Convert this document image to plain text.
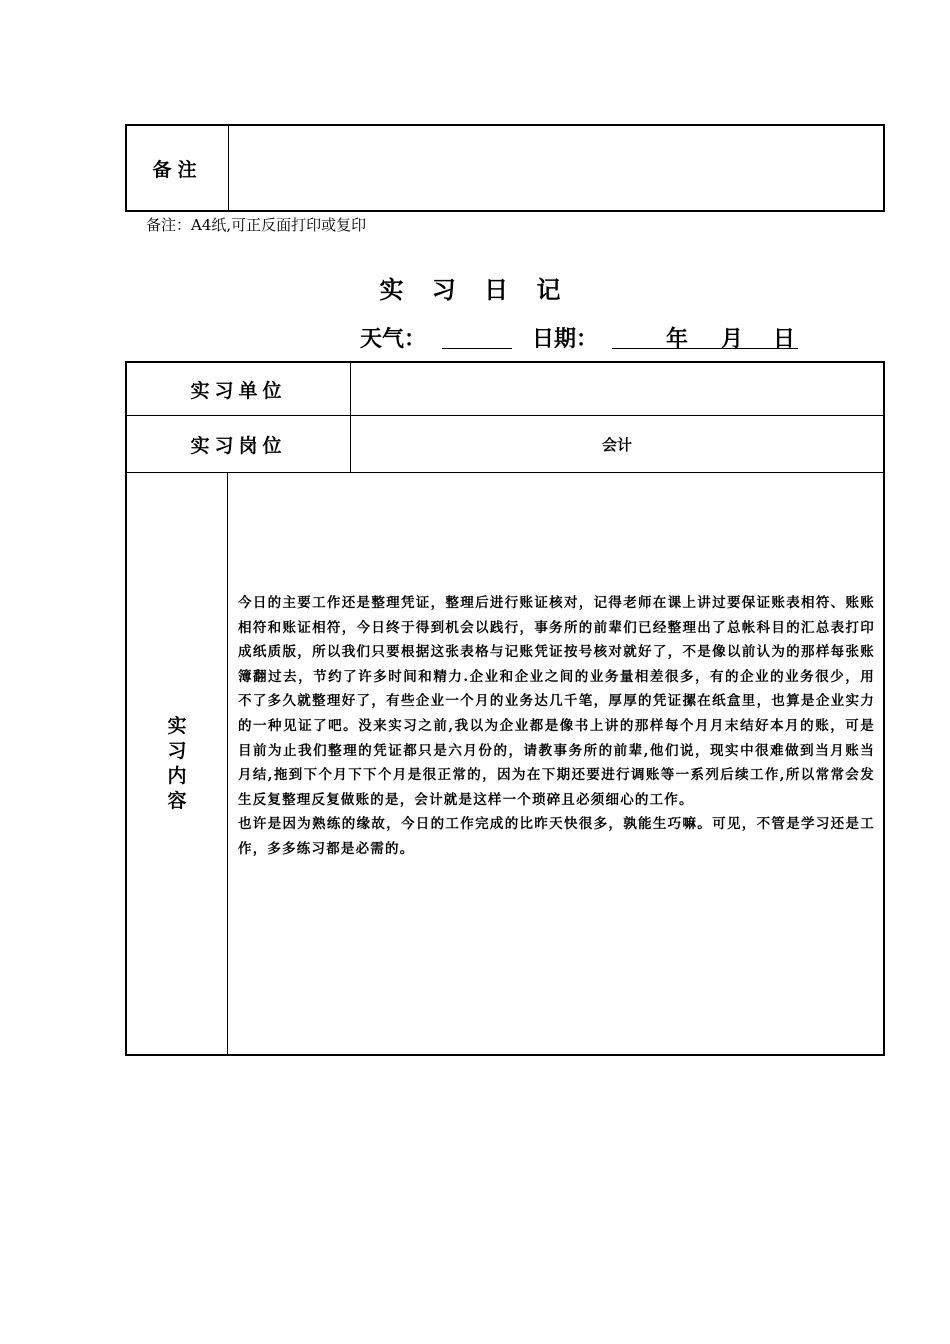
备注
备注：A4纸,可正反面打印或复印
实 习 日 记
天气：	日期：	年 月 日
实习单位
实习岗位	会计
实习内容

今日的主要工作还是整理凭证，整理后进行账证核对，记得老师在课上讲过要保证账表相符、账账相符和账证相符，今日终于得到机会以践行，事务所的前辈们已经整理出了总帐科目的汇总表打印成纸质版，所以我们只要根据这张表格与记账凭证按号核对就好了，不是像以前认为的那样每张账簿翻过去，节约了许多时间和精力.企业和企业之间的业务量相差很多，有的企业的业务很少，用不了多久就整理好了，有些企业一个月的业务达几千笔，厚厚的凭证摞在纸盒里，也算是企业实力的一种见证了吧。没来实习之前,我以为企业都是像书上讲的那样每个月月末结好本月的账，可是目前为止我们整理的凭证都只是六月份的，请教事务所的前辈,他们说，现实中很难做到当月账当月结,拖到下个月下下个月是很正常的，因为在下期还要进行调账等一系列后续工作,所以常常会发生反复整理反复做账的是，会计就是这样一个琐碎且必须细心的工作。

也许是因为熟练的缘故，今日的工作完成的比昨天快很多，孰能生巧嘛。可见，不管是学习还是工作，多多练习都是必需的。
